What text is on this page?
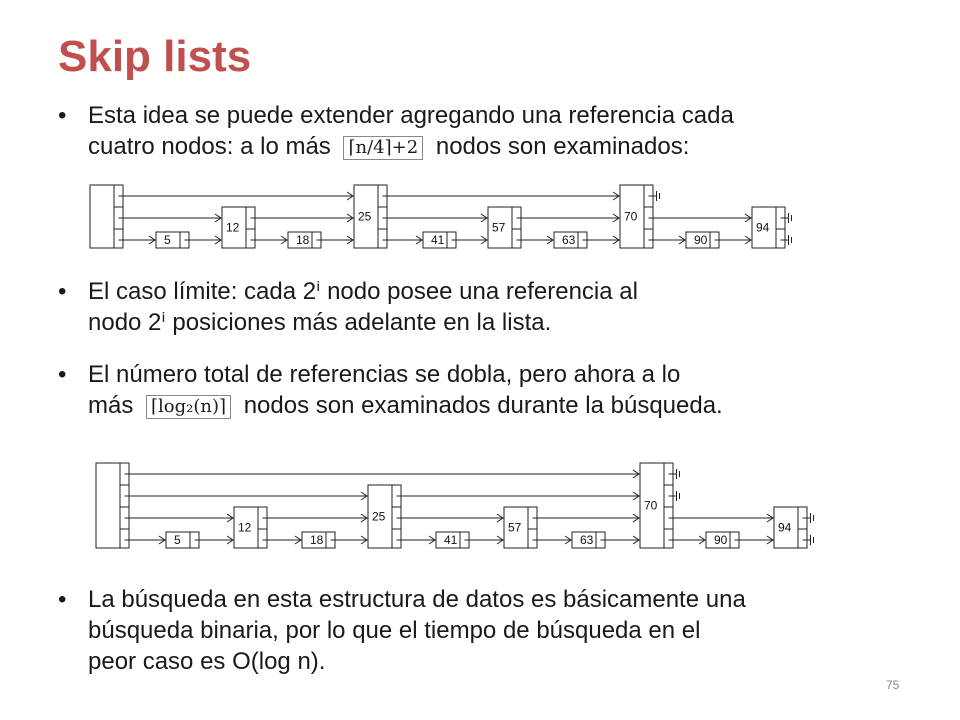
Skip lists
• Esta idea se puede extender agregando una referencia cada
cuatro nodos: a lo más ⌈n/4⌉+2 nodos son examinados:
5
12
18
25
41
57
63
70
90
94
• El caso límite: cada 2ⁱ nodo posee una referencia al
nodo 2ⁱ posiciones más adelante en la lista.
• El número total de referencias se dobla, pero ahora a lo
más ⌈log₂(n)⌉ nodos son examinados durante la búsqueda.
5
12
18
25
41
57
63
70
90
94
• La búsqueda en esta estructura de datos es básicamente una
búsqueda binaria, por lo que el tiempo de búsqueda en el
peor caso es O(log n).
75
